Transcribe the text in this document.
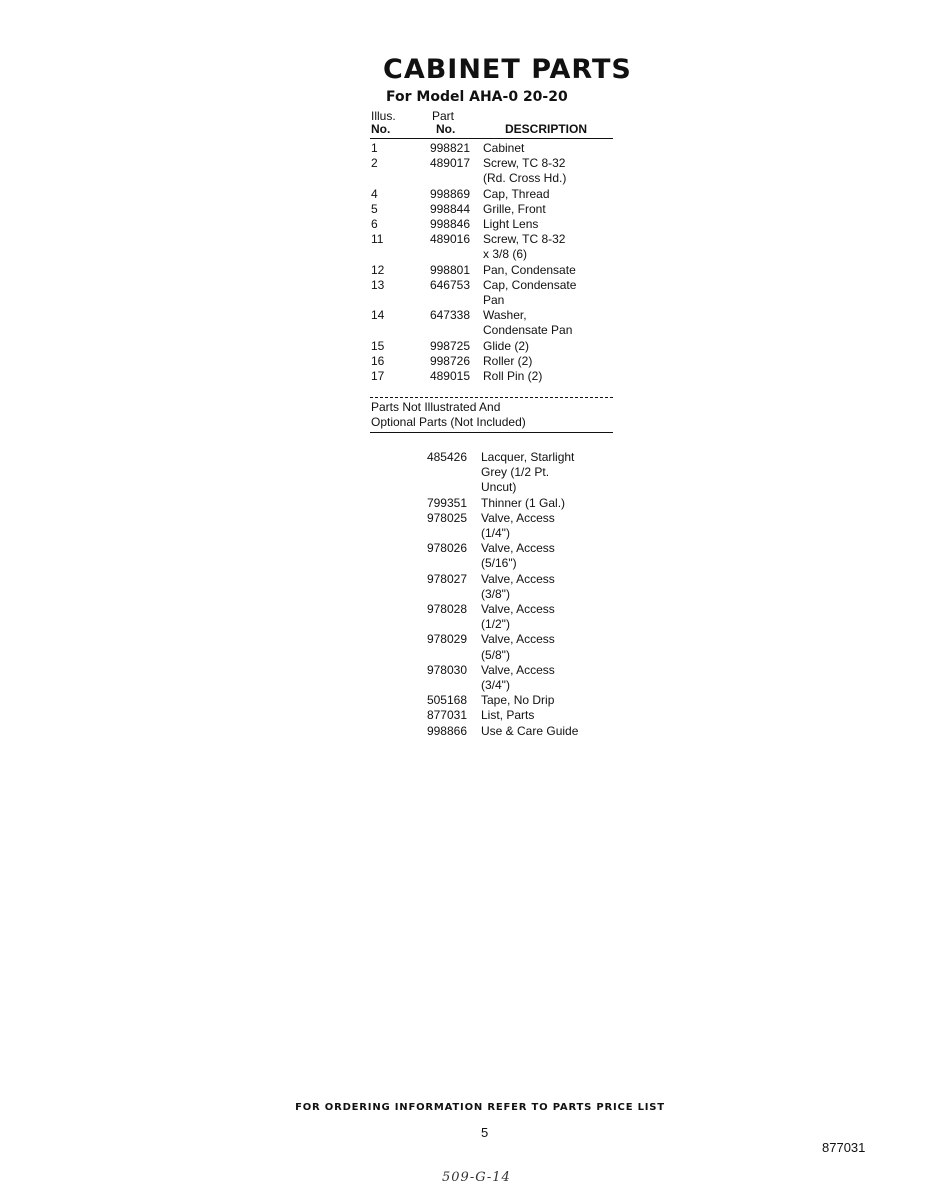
CABINET PARTS
For Model AHA-0 20-20
Illus.
No.
Part
No.	DESCRIPTION
1	998821 Cabinet
2	489017 Screw, TC 8-32
(Rd. Cross Hd.)
4	998869 Cap, Thread
5	998844 Grille, Front
6	998846 Light Lens
11	489016 Screw, TC 8-32
x 3/8 (6)
12	998801 Pan, Condensate
13	646753 Cap, Condensate
Pan
14	647338 Washer,
Condensate Pan
15	998725 Glide (2)
16	998726 Roller (2)
17	489015 Roll Pin (2)
Parts Not Illustrated And
Optional Parts (Not Included)
485426 Lacquer, Starlight
Grey (1/2 Pt.
Uncut)
799351 Thinner (1 Gal.)
978025 Valve, Access
(1/4")
978026 Valve, Access
(5/16")
978027 Valve, Access
(3/8")
978028 Valve, Access
(1/2")
978029 Valve, Access
(5/8")
978030 Valve, Access
(3/4")
505168 Tape, No Drip
877031 List, Parts
998866 Use & Care Guide
FOR ORDERING INFORMATION REFER TO PARTS PRICE LIST
5
877031
509-G-14
